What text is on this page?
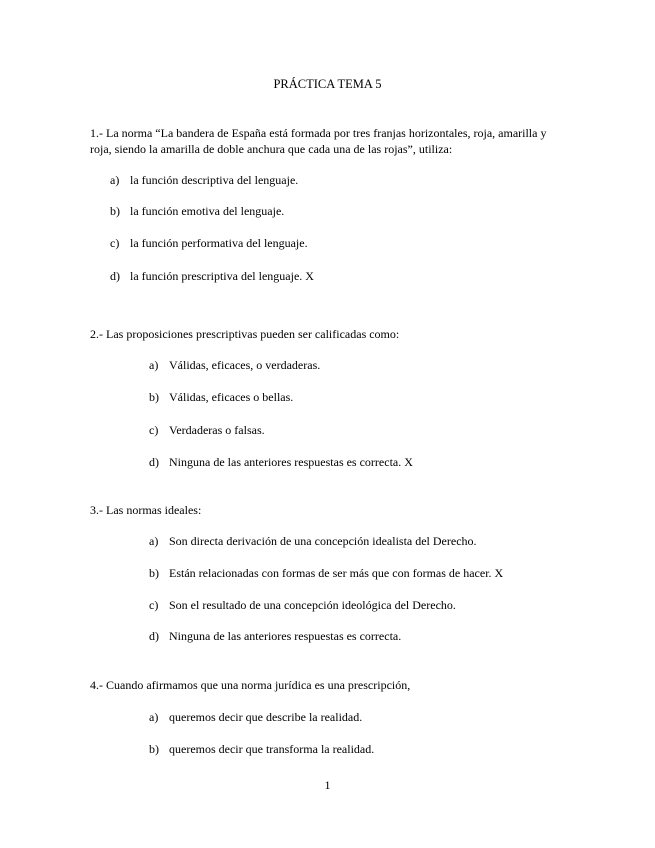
PRÁCTICA TEMA 5
1.- La norma “La bandera de España está formada por tres franjas horizontales, roja, amarilla y roja, siendo la amarilla de doble anchura que cada una de las rojas”, utiliza:
a) la función descriptiva del lenguaje.
b) la función emotiva del lenguaje.
c) la función performativa del lenguaje.
d) la función prescriptiva del lenguaje. X
2.- Las proposiciones prescriptivas pueden ser calificadas como:
a) Válidas, eficaces, o verdaderas.
b) Válidas, eficaces o bellas.
c) Verdaderas o falsas.
d) Ninguna de las anteriores respuestas es correcta. X
3.- Las normas ideales:
a) Son directa derivación de una concepción idealista del Derecho.
b) Están relacionadas con formas de ser más que con formas de hacer. X
c) Son el resultado de una concepción ideológica del Derecho.
d) Ninguna de las anteriores respuestas es correcta.
4.- Cuando afirmamos que una norma jurídica es una prescripción,
a) queremos decir que describe la realidad.
b) queremos decir que transforma la realidad.
1
